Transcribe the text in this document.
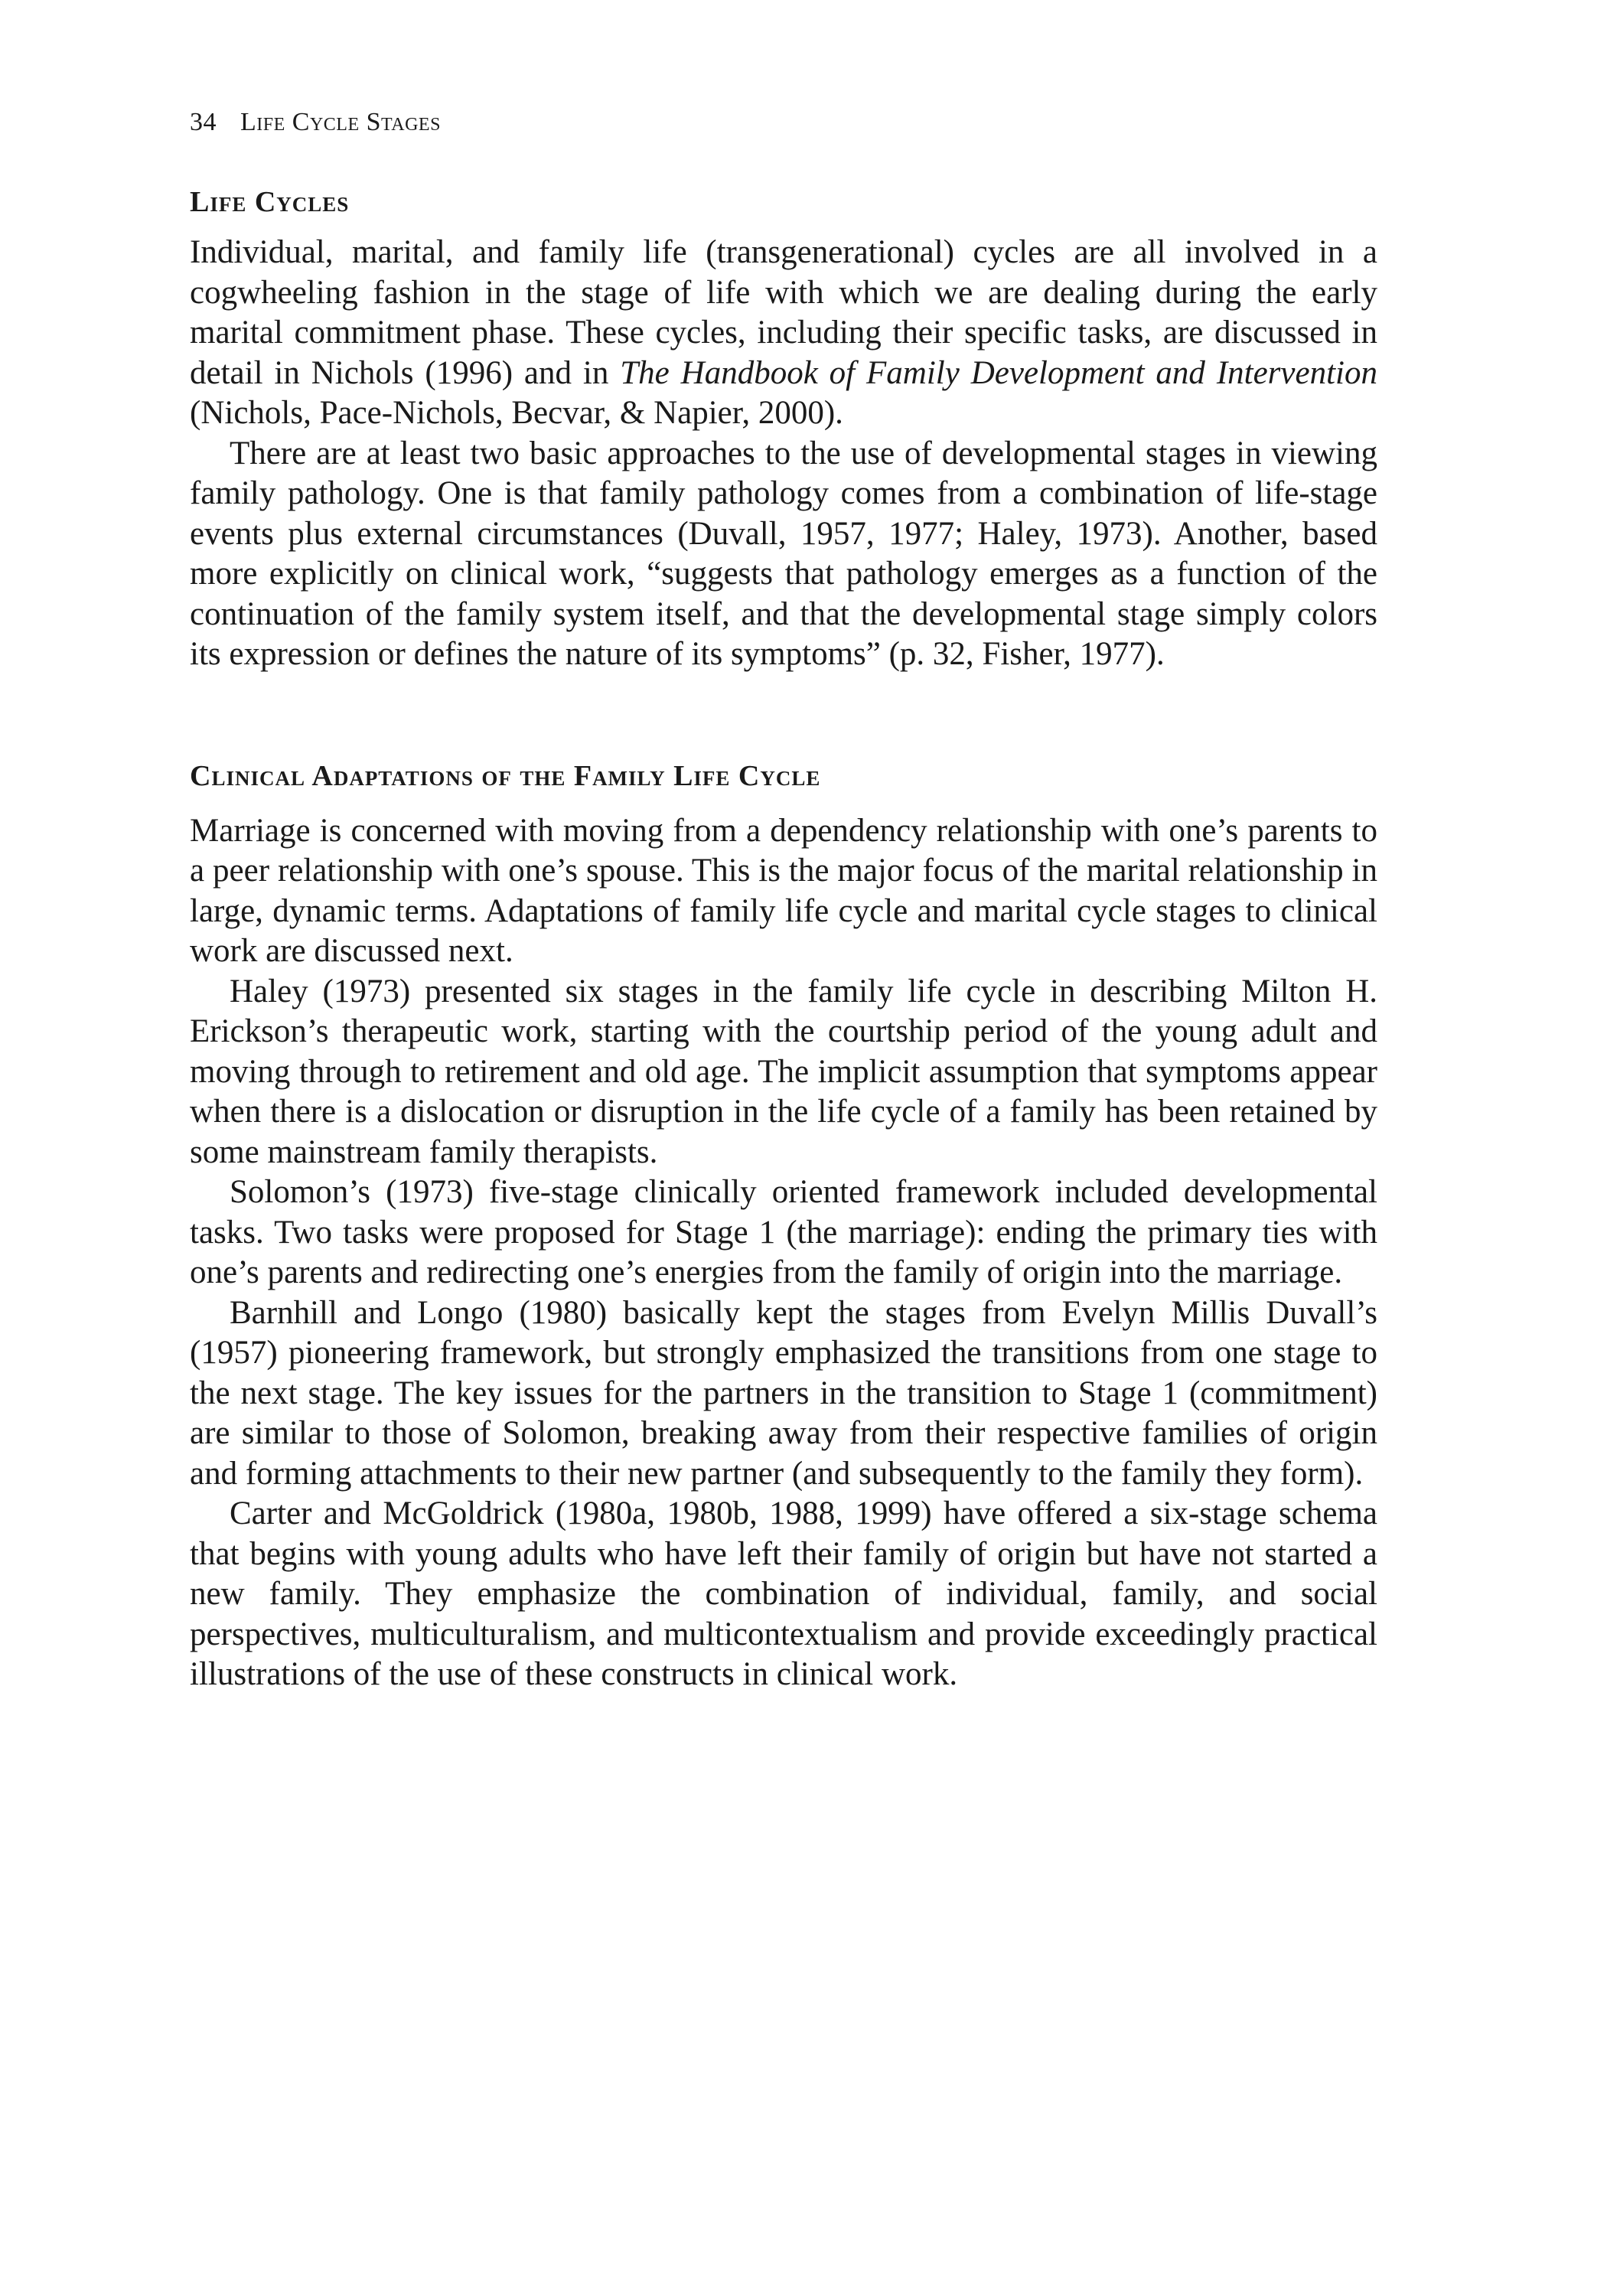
34 Life Cycle Stages
Life Cycles

Individual, marital, and family life (transgenerational) cycles are all involved in a cogwheeling fashion in the stage of life with which we are dealing during the early marital commitment phase. These cycles, including their specific tasks, are discussed in detail in Nichols (1996) and in The Handbook of Family Development and Intervention (Nichols, Pace-Nichols, Becvar, & Napier, 2000).

There are at least two basic approaches to the use of developmental stages in viewing family pathology. One is that family pathology comes from a combination of life-stage events plus external circumstances (Duvall, 1957, 1977; Haley, 1973). Another, based more explicitly on clinical work, “suggests that pathology emerges as a function of the continuation of the family system itself, and that the developmental stage simply colors its expression or defines the nature of its symptoms” (p. 32, Fisher, 1977).

Clinical Adaptations of the Family Life Cycle

Marriage is concerned with moving from a dependency relationship with one’s parents to a peer relationship with one’s spouse. This is the major focus of the marital relationship in large, dynamic terms. Adaptations of family life cycle and marital cycle stages to clinical work are discussed next.

Haley (1973) presented six stages in the family life cycle in describing Milton H. Erickson’s therapeutic work, starting with the courtship period of the young adult and moving through to retirement and old age. The implicit assumption that symptoms appear when there is a dislocation or disruption in the life cycle of a family has been retained by some mainstream family therapists.

Solomon’s (1973) five-stage clinically oriented framework included developmental tasks. Two tasks were proposed for Stage 1 (the marriage): ending the primary ties with one’s parents and redirecting one’s energies from the family of origin into the marriage.

Barnhill and Longo (1980) basically kept the stages from Evelyn Millis Duvall’s (1957) pioneering framework, but strongly emphasized the transitions from one stage to the next stage. The key issues for the partners in the transition to Stage 1 (commitment) are similar to those of Solomon, breaking away from their respective families of origin and forming attachments to their new partner (and subsequently to the family they form).

Carter and McGoldrick (1980a, 1980b, 1988, 1999) have offered a six-stage schema that begins with young adults who have left their family of origin but have not started a new family. They emphasize the combination of individual, family, and social perspectives, multiculturalism, and multicontextualism and provide exceedingly practical illustrations of the use of these constructs in clinical work.
